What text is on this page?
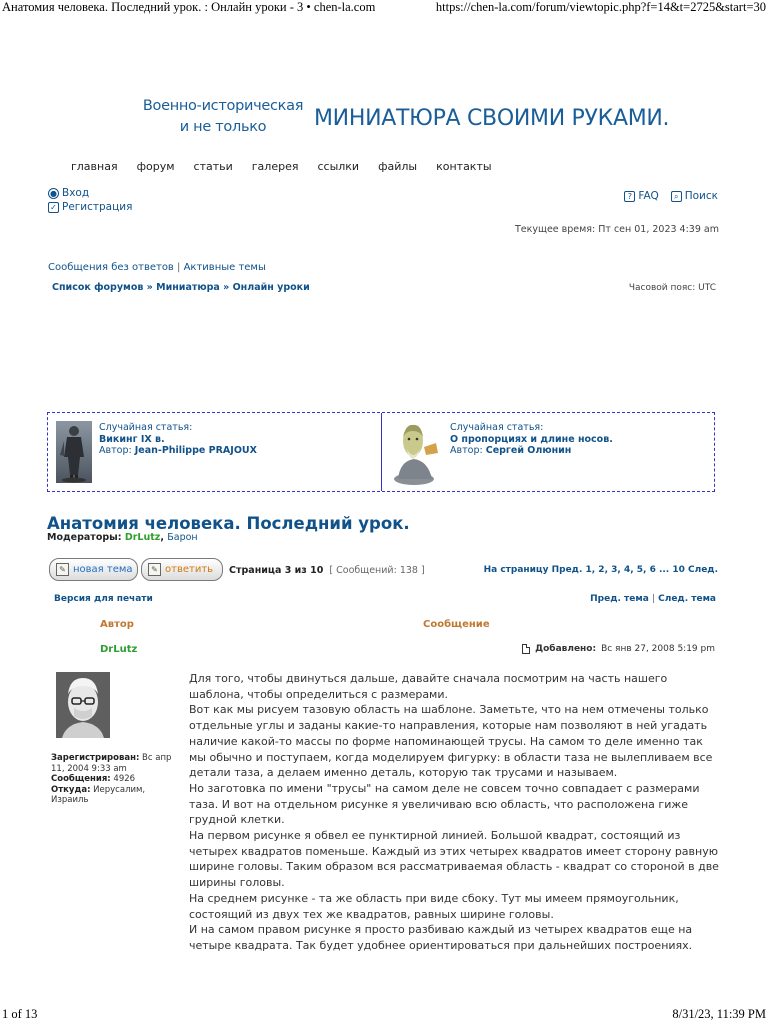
Анатомия человека. Последний урок. : Онлайн уроки - 3 • chen-la.com	https://chen-la.com/forum/viewtopic.php?f=14&t=2725&start=30
Военно-историческая
и не только	МИНИАТЮРА СВОИМИ РУКАМИ.
главная форум статьи галерея ссылки файлы контакты
● Вход
✓ Регистрация
? FAQ	⌕ Поиск
Текущее время: Пт сен 01, 2023 4:39 am
Сообщения без ответов | Активные темы
Список форумов » Миниатюра » Онлайн уроки	Часовой пояс: UTC
Случайная статья:
Викинг IX в.
Автор: Jean-Philippe PRAJOUX
Случайная статья:
О пропорциях и длине носов.
Автор: Сергей Олюнин
Анатомия человека. Последний урок.
Модераторы: DrLutz, Барон
✎ новая тема	✎ ответить Страница 3 из 10 [ Сообщений: 138 ]	На страницу Пред. 1, 2, 3, 4, 5, 6 ... 10 След.
Версия для печати	Пред. тема | След. тема
Автор	Сообщение
DrLutz	Добавлено: Вс янв 27, 2008 5:19 pm
Зарегистрирован: Вс апр 11, 2004 9:33 am
Сообщения: 4926
Откуда: Иерусалим, Израиль

Для того, чтобы двинуться дальше, давайте сначала посмотрим на часть нашего шаблона, чтобы определиться с размерами.

Вот как мы рисуем тазовую область на шаблоне. Заметьте, что на нем отмечены только отдельные углы и заданы какие-то направления, которые нам позволяют в ней угадать наличие какой-то массы по форме напоминающей трусы. На самом то деле именно так мы обычно и поступаем, когда моделируем фигурку: в области таза не вылепливаем все детали таза, а делаем именно деталь, которую так трусами и называем.

Но заготовка по имени "трусы" на самом деле не совсем точно совпадает с размерами таза. И вот на отдельном рисунке я увеличиваю всю область, что расположена гиже грудной клетки.

На первом рисунке я обвел ее пунктирной линией. Большой квадрат, состоящий из четырех квадратов поменьше. Каждый из этих четырех квадратов имеет сторону равную ширине головы. Таким образом вся рассматриваемая область - квадрат со стороной в две ширины головы.

На среднем рисунке - та же область при виде сбоку. Тут мы имеем прямоугольник, состоящий из двух тех же квадратов, равных ширине головы.

И на самом правом рисунке я просто разбиваю каждый из четырех квадратов еще на четыре квадрата. Так будет удобнее ориентироваться при дальнейших построениях.

1 of 13	8/31/23, 11:39 PM
